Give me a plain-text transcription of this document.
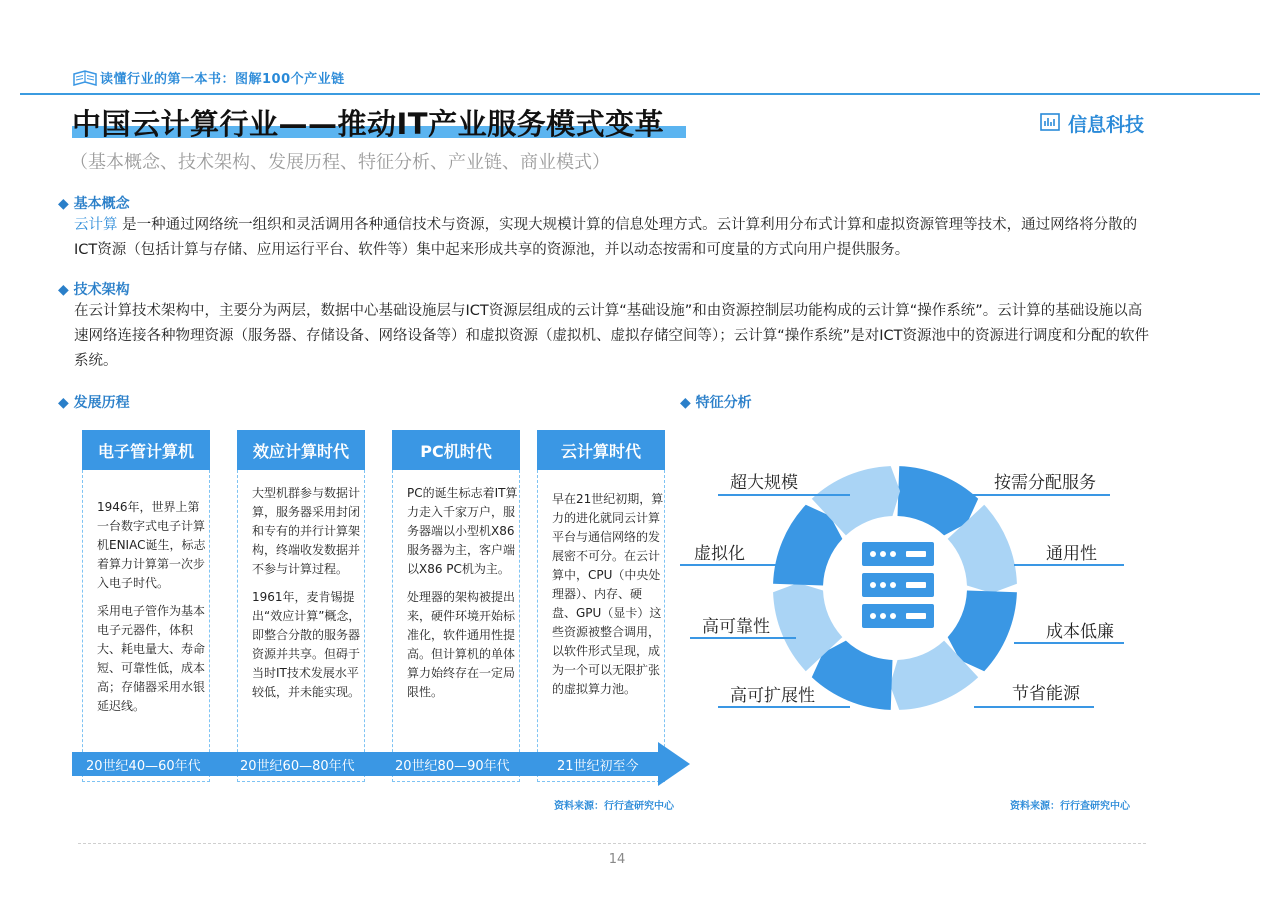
读懂行业的第一本书：图解100个产业链
中国云计算行业——推动IT产业服务模式变革	信息科技
（基本概念、技术架构、发展历程、特征分析、产业链、商业模式）
◆ 基本概念
云计算 是一种通过网络统一组织和灵活调用各种通信技术与资源，实现大规模计算的信息处理方式。云计算利用分布式计算和虚拟资源管理等技术，通过网络将分散的ICT资源（包括计算与存储、应用运行平台、软件等）集中起来形成共享的资源池，并以动态按需和可度量的方式向用户提供服务。
◆ 技术架构
在云计算技术架构中，主要分为两层，数据中心基础设施层与ICT资源层组成的云计算“基础设施”和由资源控制层功能构成的云计算“操作系统”。云计算的基础设施以高速网络连接各种物理资源（服务器、存储设备、网络设备等）和虚拟资源（虚拟机、虚拟存储空间等）；云计算“操作系统”是对ICT资源池中的资源进行调度和分配的软件系统。
◆ 发展历程
电子管计算机

1946年，世界上第一台数字式电子计算机ENIAC诞生，标志着算力计算第一次步入电子时代。

采用电子管作为基本电子元器件，体积大、耗电量大、寿命短、可靠性低，成本高；存储器采用水银延迟线。

效应计算时代

大型机群参与数据计算，服务器采用封闭和专有的并行计算架构，终端收发数据并不参与计算过程。

1961年，麦肯锡提出“效应计算”概念，即整合分散的服务器资源并共享。但碍于当时IT技术发展水平较低，并未能实现。

PC机时代

PC的诞生标志着IT算力走入千家万户，服务器端以小型机X86服务器为主，客户端以X86 PC机为主。

处理器的架构被提出来，硬件环境开始标准化，软件通用性提高。但计算机的单体算力始终存在一定局限性。

云计算时代

早在21世纪初期，算力的进化就同云计算平台与通信网络的发展密不可分。在云计算中，CPU（中央处理器）、内存、硬盘、GPU（显卡）这些资源被整合调用，以软件形式呈现，成为一个可以无限扩张的虚拟算力池。

20世纪40—60年代	20世纪60—80年代	20世纪80—90年代	21世纪初至今
资料来源：行行查研究中心
◆ 特征分析
超大规模
虚拟化
高可靠性
高可扩展性
按需分配服务
通用性
成本低廉
节省能源
资料来源：行行查研究中心
14
